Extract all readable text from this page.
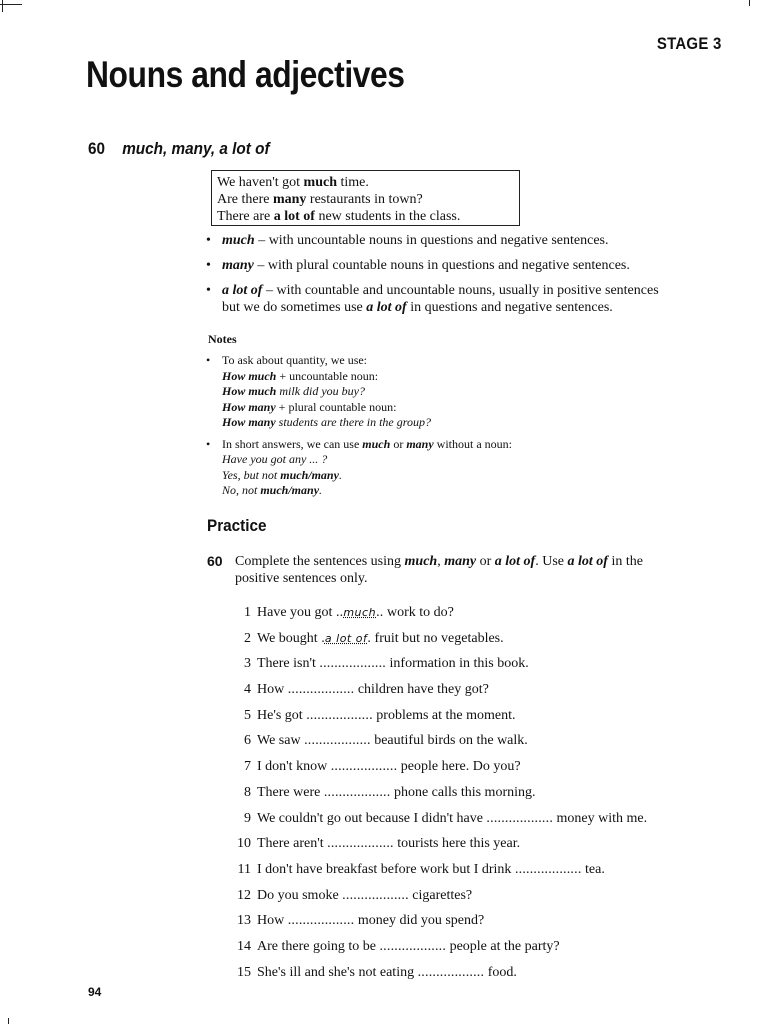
STAGE 3
Nouns and adjectives
60 much, many, a lot of
We haven't got much time.
Are there many restaurants in town?
There are a lot of new students in the class.
• much – with uncountable nouns in questions and negative sentences.
• many – with plural countable nouns in questions and negative sentences.
• a lot of – with countable and uncountable nouns, usually in positive sentences
but we do sometimes use a lot of in questions and negative sentences.
Notes
• To ask about quantity, we use:
How much + uncountable noun:
How much milk did you buy?
How many + plural countable noun:
How many students are there in the group?
• In short answers, we can use much or many without a noun:
Have you got any ... ?
Yes, but not much/many.
No, not much/many.
Practice
60 Complete the sentences using much, many or a lot of. Use a lot of in the
positive sentences only.
1 Have you got ..much.. work to do?
2 We bought .a lot of. fruit but no vegetables.
3 There isn't .................. information in this book.
4 How .................. children have they got?
5 He's got .................. problems at the moment.
6 We saw .................. beautiful birds on the walk.
7 I don't know .................. people here. Do you?
8 There were .................. phone calls this morning.
9 We couldn't go out because I didn't have .................. money with me.
10 There aren't .................. tourists here this year.
11 I don't have breakfast before work but I drink .................. tea.
12 Do you smoke .................. cigarettes?
13 How .................. money did you spend?
14 Are there going to be .................. people at the party?
15 She's ill and she's not eating .................. food.
94
